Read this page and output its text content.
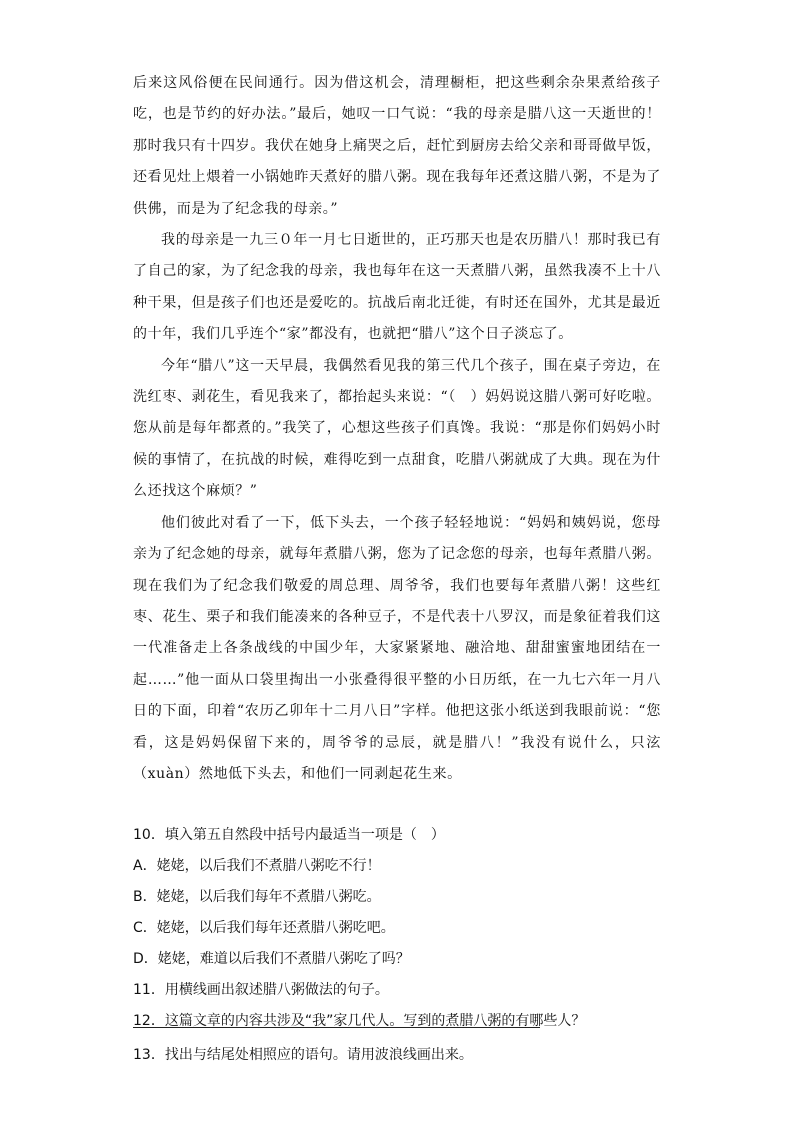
后来这风俗便在民间通行。因为借这机会，清理橱柜，把这些剩余杂果煮给孩子吃，也是节约的好办法。”最后，她叹一口气说：“我的母亲是腊八这一天逝世的！那时我只有十四岁。我伏在她身上痛哭之后，赶忙到厨房去给父亲和哥哥做早饭，还看见灶上煨着一小锅她昨天煮好的腊八粥。现在我每年还煮这腊八粥，不是为了供佛，而是为了纪念我的母亲。”

我的母亲是一九三０年一月七日逝世的，正巧那天也是农历腊八！那时我已有了自己的家，为了纪念我的母亲，我也每年在这一天煮腊八粥，虽然我凑不上十八种干果，但是孩子们也还是爱吃的。抗战后南北迁徙，有时还在国外，尤其是最近的十年，我们几乎连个“家”都没有，也就把“腊八”这个日子淡忘了。

今年“腊八”这一天早晨，我偶然看见我的第三代几个孩子，围在桌子旁边，在洗红枣、剥花生，看见我来了，都抬起头来说：“（　）妈妈说这腊八粥可好吃啦。您从前是每年都煮的。”我笑了，心想这些孩子们真馋。我说：“那是你们妈妈小时候的事情了，在抗战的时候，难得吃到一点甜食，吃腊八粥就成了大典。现在为什么还找这个麻烦？”

他们彼此对看了一下，低下头去，一个孩子轻轻地说：“妈妈和姨妈说，您母亲为了纪念她的母亲，就每年煮腊八粥，您为了记念您的母亲，也每年煮腊八粥。现在我们为了纪念我们敬爱的周总理、周爷爷，我们也要每年煮腊八粥！这些红枣、花生、栗子和我们能凑来的各种豆子，不是代表十八罗汉，而是象征着我们这一代准备走上各条战线的中国少年，大家紧紧地、融洽地、甜甜蜜蜜地团结在一起……”他一面从口袋里掏出一小张叠得很平整的小日历纸，在一九七六年一月八日的下面，印着“农历乙卯年十二月八日”字样。他把这张小纸送到我眼前说：“您看，这是妈妈保留下来的，周爷爷的忌辰，就是腊八！”我没有说什么，只泫（xuàn）然地低下头去，和他们一同剥起花生来。

10．填入第五自然段中括号内最适当一项是（　）
A．姥姥，以后我们不煮腊八粥吃不行！
B．姥姥，以后我们每年不煮腊八粥吃。
C．姥姥，以后我们每年还煮腊八粥吃吧。
D．姥姥，难道以后我们不煮腊八粥吃了吗？
11．用横线画出叙述腊八粥做法的句子。
12．这篇文章的内容共涉及“我”家几代人。写到的煮腊八粥的有哪些人？
13．找出与结尾处相照应的语句。请用波浪线画出来。
